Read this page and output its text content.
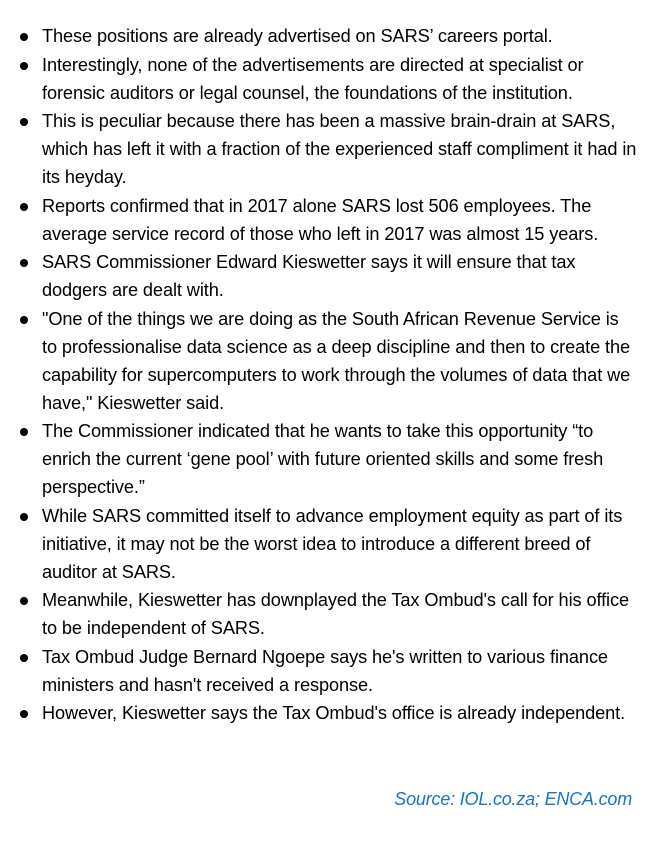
These positions are already advertised on SARS’ careers portal.
Interestingly, none of the advertisements are directed at specialist or forensic auditors or legal counsel, the foundations of the institution.
This is peculiar because there has been a massive brain-drain at SARS, which has left it with a fraction of the experienced staff compliment it had in its heyday.
Reports confirmed that in 2017 alone SARS lost 506 employees. The average service record of those who left in 2017 was almost 15 years.
SARS Commissioner Edward Kieswetter says it will ensure that tax dodgers are dealt with.
"One of the things we are doing as the South African Revenue Service is to professionalise data science as a deep discipline and then to create the capability for supercomputers to work through the volumes of data that we have," Kieswetter said.
The Commissioner indicated that he wants to take this opportunity “to enrich the current ‘gene pool’ with future oriented skills and some fresh perspective.”
While SARS committed itself to advance employment equity as part of its initiative, it may not be the worst idea to introduce a different breed of auditor at SARS.
Meanwhile, Kieswetter has downplayed the Tax Ombud's call for his office to be independent of SARS.
Tax Ombud Judge Bernard Ngoepe says he's written to various finance ministers and hasn't received a response.
However, Kieswetter says the Tax Ombud's office is already independent.
Source: IOL.co.za; ENCA.com
